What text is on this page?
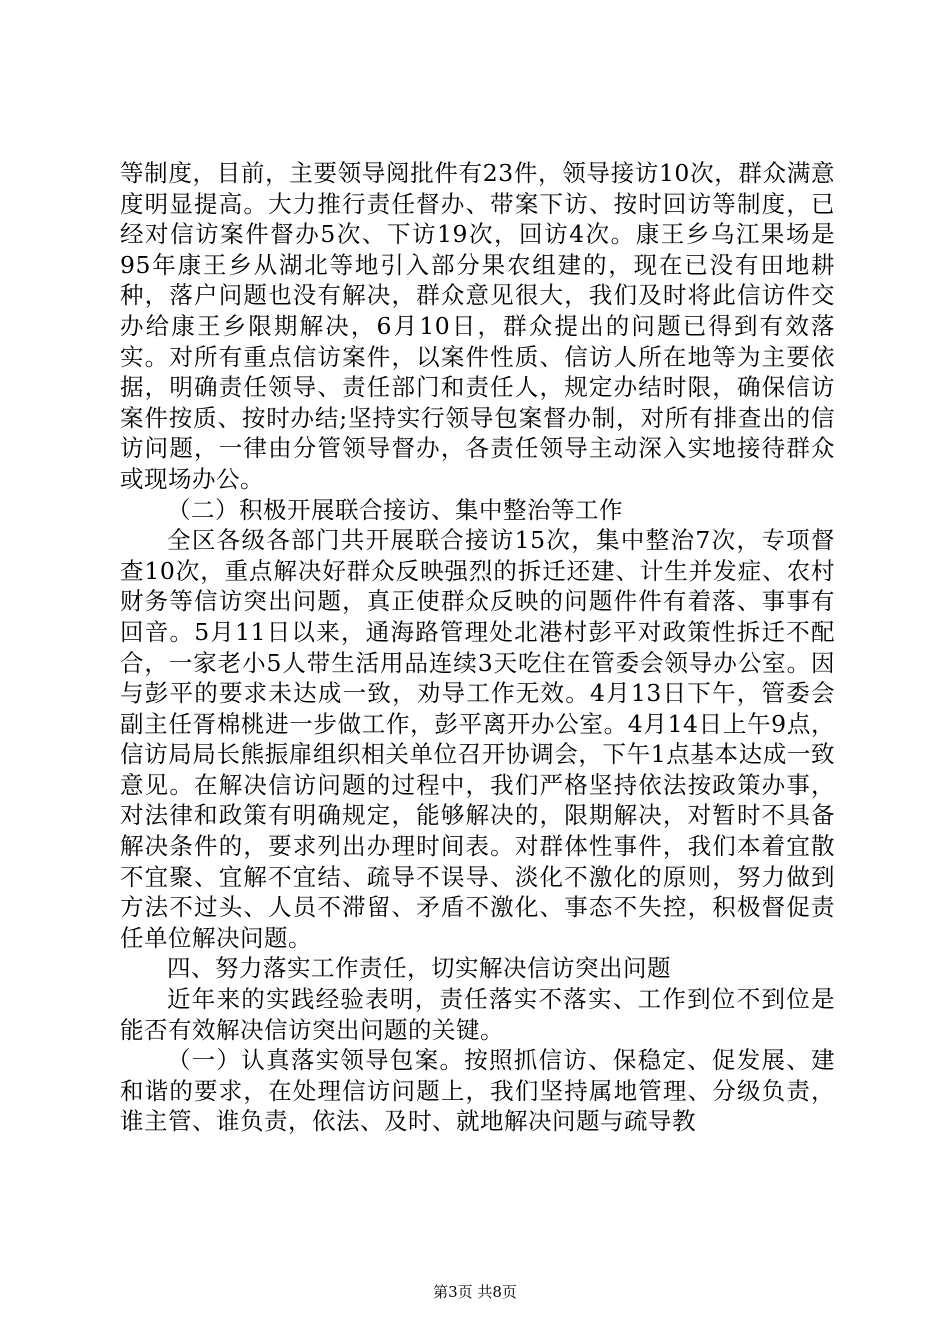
等制度，目前，主要领导阅批件有23件，领导接访10次，群众满意度明显提高。大力推行责任督办、带案下访、按时回访等制度，已经对信访案件督办5次、下访19次，回访4次。康王乡乌江果场是95年康王乡从湖北等地引入部分果农组建的，现在已没有田地耕种，落户问题也没有解决，群众意见很大，我们及时将此信访件交办给康王乡限期解决，6月10日，群众提出的问题已得到有效落实。对所有重点信访案件，以案件性质、信访人所在地等为主要依据，明确责任领导、责任部门和责任人，规定办结时限，确保信访案件按质、按时办结;坚持实行领导包案督办制，对所有排查出的信访问题，一律由分管领导督办，各责任领导主动深入实地接待群众或现场办公。

（二）积极开展联合接访、集中整治等工作

全区各级各部门共开展联合接访15次，集中整治7次，专项督查10次，重点解决好群众反映强烈的拆迁还建、计生并发症、农村财务等信访突出问题，真正使群众反映的问题件件有着落、事事有回音。5月11日以来，通海路管理处北港村彭平对政策性拆迁不配合，一家老小5人带生活用品连续3天吃住在管委会领导办公室。因与彭平的要求未达成一致，劝导工作无效。4月13日下午，管委会副主任胥棉桃进一步做工作，彭平离开办公室。4月14日上午9点，信访局局长熊振扉组织相关单位召开协调会，下午1点基本达成一致意见。在解决信访问题的过程中，我们严格坚持依法按政策办事，对法律和政策有明确规定，能够解决的，限期解决，对暂时不具备解决条件的，要求列出办理时间表。对群体性事件，我们本着宜散不宜聚、宜解不宜结、疏导不误导、淡化不激化的原则，努力做到方法不过头、人员不滞留、矛盾不激化、事态不失控，积极督促责任单位解决问题。

四、努力落实工作责任，切实解决信访突出问题

近年来的实践经验表明，责任落实不落实、工作到位不到位是能否有效解决信访突出问题的关键。

（一）认真落实领导包案。按照抓信访、保稳定、促发展、建和谐的要求，在处理信访问题上，我们坚持属地管理、分级负责，谁主管、谁负责，依法、及时、就地解决问题与疏导教

第3页 共8页
